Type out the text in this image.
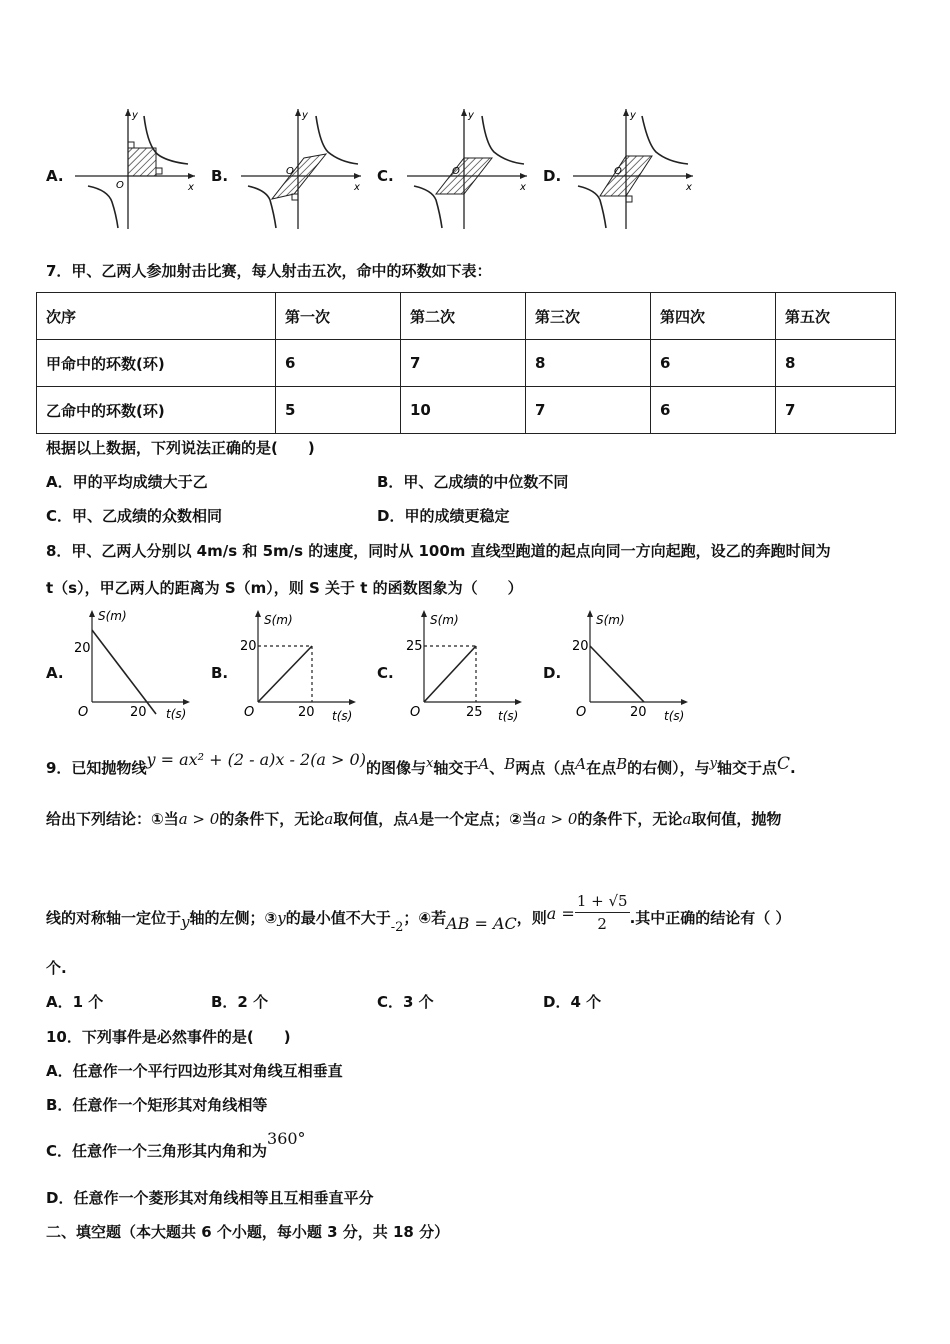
A.
y
x
O
B.
y
x
O	C.
y
x
O	D.
y
x
O
7．甲、乙两人参加射击比赛，每人射击五次，命中的环数如下表：
次序	第一次	第二次	第三次	第四次	第五次
甲命中的环数(环)	6	7	8	6	8
乙命中的环数(环)	5	10	7	6	7
根据以上数据，下列说法正确的是(　　)
A．甲的平均成绩大于乙	B．甲、乙成绩的中位数不同
C．甲、乙成绩的众数相同	D．甲的成绩更稳定
8．甲、乙两人分别以 4m/s 和 5m/s 的速度，同时从 100m 直线型跑道的起点向同一方向起跑，设乙的奔跑时间为
t（s），甲乙两人的距离为 S（m），则 S 关于 t 的函数图象为（　　）
A.
S(m)
20
O	20 t(s)
B.
S(m)
20
O	20 t(s)
C.
S(m)
25
O	25 t(s)
D.
S(m)
20
O	20 t(s)
9．已知抛物线y = ax² + (2 - a)x - 2(a > 0)的图像与x轴交于A、B两点（点A在点B的右侧），与y轴交于点C.
给出下列结论：①当a > 0的条件下，无论a取何值，点A是一个定点；②当a > 0的条件下，无论a取何值，抛物
线的对称轴一定位于y轴的左侧；③y的最小值不大于-2；④若AB = AC，则$a = \frac{1 + √5}{2}$ .其中正确的结论有（ ）
个.
A．1 个	B．2 个	C．3 个	D．4 个
10．下列事件是必然事件的是(　　)
A．任意作一个平行四边形其对角线互相垂直
B．任意作一个矩形其对角线相等
C．任意作一个三角形其内角和为360°
D．任意作一个菱形其对角线相等且互相垂直平分
二、填空题（本大题共 6 个小题，每小题 3 分，共 18 分）
